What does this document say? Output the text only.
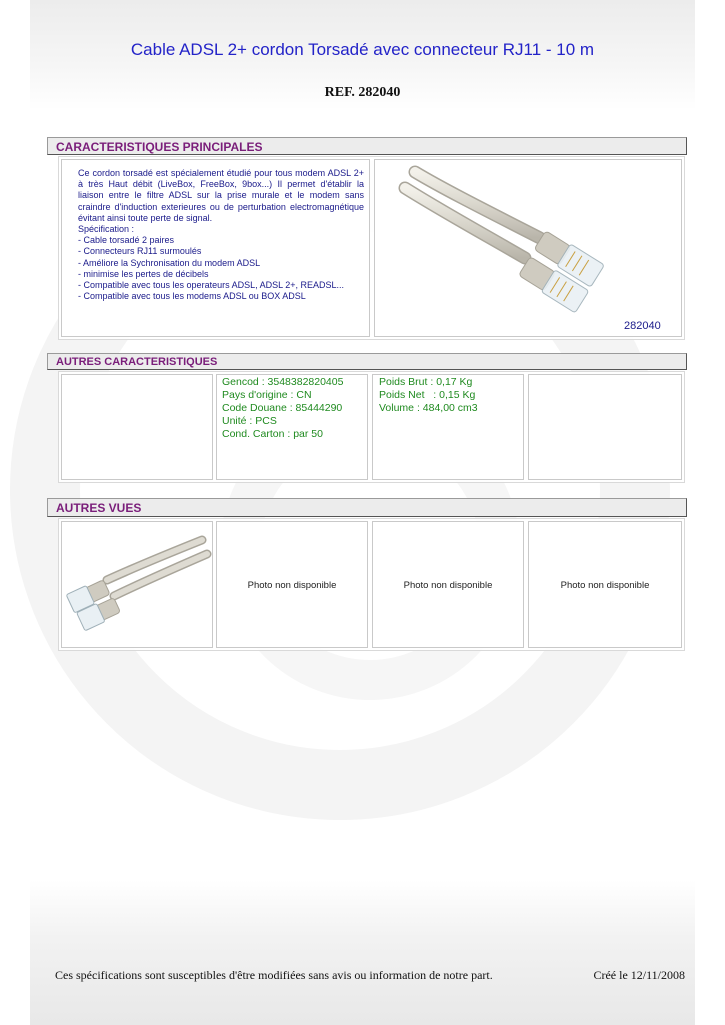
Cable ADSL 2+ cordon Torsadé avec connecteur RJ11 - 10 m
REF. 282040
CARACTERISTIQUES PRINCIPALES
Ce cordon torsadé est spécialement étudié pour tous modem ADSL 2+ à très Haut débit (LiveBox, FreeBox, 9box...) Il permet d'établir la liaison entre le filtre ADSL sur la prise murale et le modem sans craindre d'induction exterieures ou de perturbation electromagnétique évitant ainsi toute perte de signal.
Spécification :
- Cable torsadé 2 paires
- Connecteurs RJ11 surmoulés
- Améliore la Sychronisation du modem ADSL
- minimise les pertes de décibels
- Compatible avec tous les operateurs ADSL, ADSL 2+, READSL...
- Compatible avec tous les modems ADSL ou BOX ADSL
282040
AUTRES CARACTERISTIQUES
Gencod : 3548382820405
Pays d'origine : CN
Code Douane : 85444290
Unité : PCS
Cond. Carton : par 50
Poids Brut : 0,17 Kg
Poids Net   : 0,15 Kg
Volume : 484,00 cm3
AUTRES VUES
Photo non disponible	Photo non disponible	Photo non disponible
Ces spécifications sont susceptibles d'être modifiées sans avis ou information de notre part.	Créé le 12/11/2008
